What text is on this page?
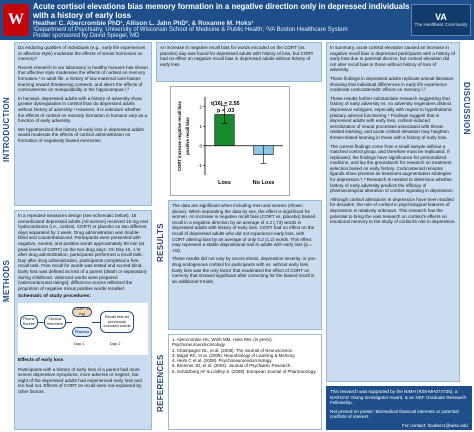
W
Acute cortisol elevations bias memory formation in a negative direction only in depressed individuals with a history of early loss
Heather C. Abercrombie PhD¹, Allison L. Jahn PhD², & Roxanne M. Hoks¹
¹Department of Psychiatry, University of Wisconsin School of Medicine & Public Health; ²VA Boston Healthcare System
Poster sponsored by David Spiegel, MD
VA
The Healthiest Community
INTRODUCTION

Do enduring qualities of individuals (e.g., early life experiences or affective style) moderate the effects of stress hormones on memory?

Recent research in our laboratory in healthy humans has shown that affective style moderates the effects of cortisol on memory formation.¹ In adult life, a history of low maternal care biases learning toward threatening contexts, and alters the effects of corticosterone on manipulability in the hippocampus.²,³

In humans, depressed adults with a history of adversity show greater dysregulation in cortisol than do depressed adults without history of adversity.⁴ However, it is unknown whether the effects of cortisol on memory formation in humans vary as a function of early adversity.

We hypothesized that history of early loss in depressed adults would moderate the effects of cortisol administration on formation of negatively biased memories.

METHODS

In a repeated-measures design (see schematic below), 18 unmedicated depressed adults (All women) received 15 mg oral hydrocortisone (i.e., cortisol, CORT) or placebo on two different days separated by 1 week. Drug administration was double-blind and counterbalanced. Participants were presented with negative, neutral, and positive words approximately 90 min (at peak levels of CORT) on the two drug days. On Day 10, 1 hr after drug administration, participants performed a recall task. Day after drug administration, participants completed a free recall task. Free recall for words was tested and scored blind. Early loss was defined as loss of a parent (death or separation) during childhood. Valenced words were prepared (valence/arousal ratings); difference scores reflected the proportion of negative minus positive words recalled.

Schematic of study procedures:

Phone Screen
Clinical Interview
CORT 15 mg
Placebo
Day 1
Recall test for previously encoded words
Day 2

Effects of early loss

Participants with a history of early loss of a parent had more severe depressive symptoms, more adverse or neglect, but eight of the depressed adults had experienced early loss and ten had not. Effects of CORT on recall were not explained by other factors.

An increase in negative recall bias for words encoded on the CORT (vs. placebo) day was found for depressed adults with history of loss, but CORT had no effect on negative recall bias in depressed adults without history of early loss.

2
1
0
-1
CORT increase negative recall bias positive recall bias
Loss	No Loss
t(16) = 2.55
p < .03
RESULTS

The data are significant when including men and women (shown above). When separating the data by sex, the effect is significant for women. An increase in negative recall bias (CORT vs. placebo) biased recall in a negative direction by an average of 4.2 (.73) words in depressed adults with history of early loss. CORT had no effect on the recall of depressed adults who did not experience early loss, with CORT altering bias by an average of only 0.2 (1.2) words. This effect may represent a stable dispositional trait in adults with early loss (p = .03).

These results did not vary by recent stress, depression severity, or pre-drug endogenous cortisol for participants with vs. without early loss. Early loss was the only factor that moderated the effect of CORT on memory that showed significant after correcting for the biased recall in an additional 9 trials.

REFERENCES
1. Abercrombie HC, Wirth MM, Hoks RM. (in press). Psychoneuroendocrinology.
2. Champagne DL, et al. (2008). The Journal of Neuroscience.
3. Bagot RC, et al. (2009). Neurobiology of Learning & Memory.
4. Heim C et al. (2008). Psychoneuroendocrinology.
5. Bremner JD, et al. (2004). Journal of Psychiatric Research.
6. Schatzberg AF & Lindley S. (2008). European Journal of Pharmacology.
DISCUSSION

In summary, acute cortisol elevation caused an increase in negative recall bias in depressed participants with a history of early loss due to parental divorce, but cortisol elevation did not alter recall bias in those without history of loss of adversity.

These findings in depressed adults replicate animal literature showing that individual differences in early life experience moderate corticosteroids' effects on memory.²,³

These results further substantiate research suggesting that history of early adversity vs. no adversity engenders distinct depressive subtypes, especially with regard to hypothalamic pituitary adrenal functioning.⁴ Findings suggest that in depressed adults with early loss, cortisol-induced sensitization of neural processes associated with threat-related learning, and acute cortisol elevation may heighten threat-related learning in those with a history of early loss.

The current findings come from a small sample without a matched control group, and therefore must be replicated. If replicated, the findings have significance for personalized medicine, and lay the groundwork for research on treatment selection based on early history. Corticosteroid receptor ligands show promise as treatment augmentation strategies for depression.⁵,⁶ Research is needed to determine whether history of early adversity predicts the efficacy of pharmacological alteration of cortisol signaling in depression.

Although cortisol alterations in depression have been studied for decades, the role of cortisol in psychological features of depression is relatively unknown. This research has the potential to bring the vast research on cortisol's effects on emotional memory to the study of cortisol's role in depression.

This research was supported by the NIMH (K08-MH074735), a NARSAD Young Investigator Award, & an NSF Graduate Research Fellowship.

Not printed on poster: Biomedical financial interests or potential conflicts of interest.

For contact: hcabercr@wisc.edu
